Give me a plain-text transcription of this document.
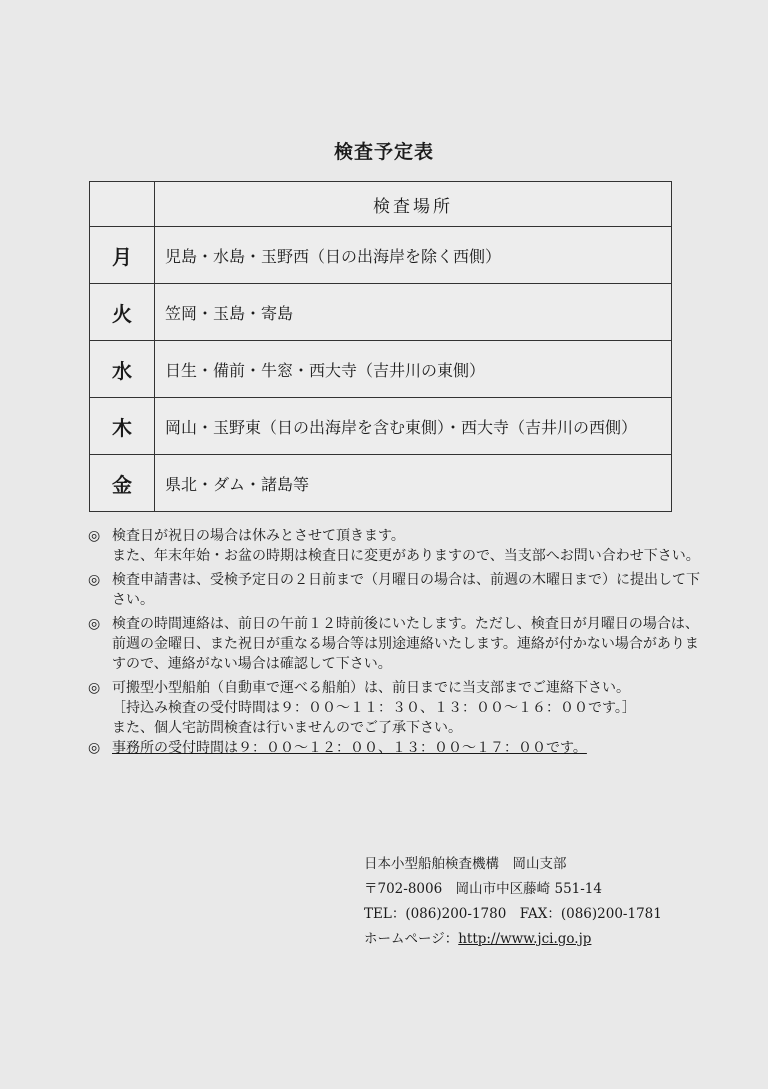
検査予定表
	検査場所
月	児島・水島・玉野西（日の出海岸を除く西側）
火	笠岡・玉島・寄島
水	日生・備前・牛窓・西大寺（吉井川の東側）
木	岡山・玉野東（日の出海岸を含む東側）・西大寺（吉井川の西側）
金	県北・ダム・諸島等
◎ 検査日が祝日の場合は休みとさせて頂きます。
また、年末年始・お盆の時期は検査日に変更がありますので、当支部へお問い合わせ下さい。
◎ 検査申請書は、受検予定日の２日前まで（月曜日の場合は、前週の木曜日まで）に提出して下
さい。
◎ 検査の時間連絡は、前日の午前１２時前後にいたします。ただし、検査日が月曜日の場合は、
前週の金曜日、また祝日が重なる場合等は別途連絡いたします。連絡が付かない場合がありま
すので、連絡がない場合は確認して下さい。
◎ 可搬型小型船舶（自動車で運べる船舶）は、前日までに当支部までご連絡下さい。
［持込み検査の受付時間は９：００～１１：３０、１３：００～１６：００です。］
また、個人宅訪問検査は行いませんのでご了承下さい。
◎ 事務所の受付時間は９：００～１２：００、１３：００～１７：００です。
日本小型船舶検査機構　岡山支部
〒702-8006　岡山市中区藤崎 551-14
TEL：(086)200-1780　FAX：(086)200-1781
ホームページ：http://www.jci.go.jp
